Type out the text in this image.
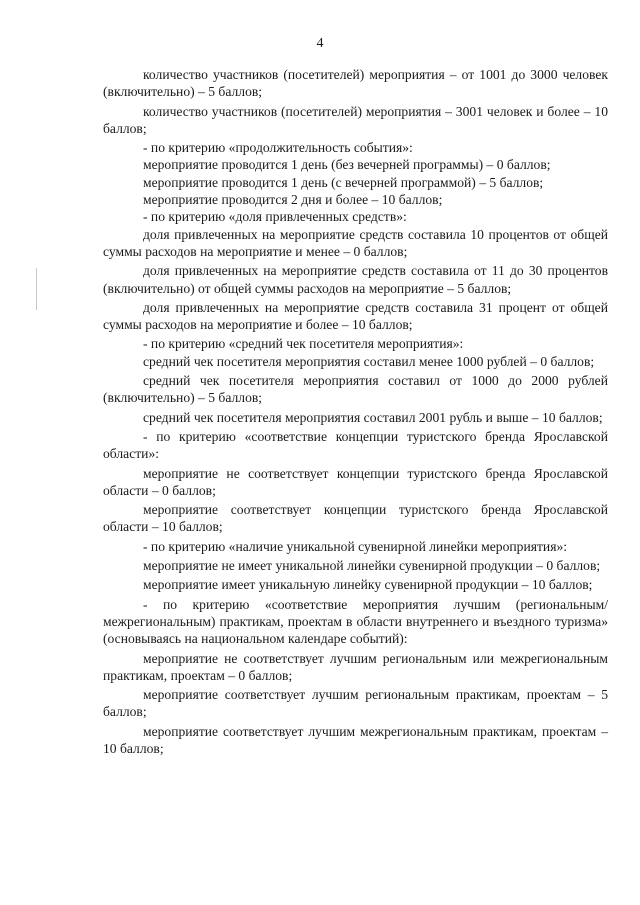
4

количество участников (посетителей) мероприятия – от 1001 до 3000 человек (включительно) – 5 баллов;

количество участников (посетителей) мероприятия – 3001 человек и более – 10 баллов;

- по критерию «продолжительность события»:

мероприятие проводится 1 день (без вечерней программы) – 0 баллов;

мероприятие проводится 1 день (с вечерней программой) – 5 баллов;

мероприятие проводится 2 дня и более – 10 баллов;

- по критерию «доля привлеченных средств»:

доля привлеченных на мероприятие средств составила 10 процентов от общей суммы расходов на мероприятие и менее – 0 баллов;

доля привлеченных на мероприятие средств составила от 11 до 30 процентов (включительно) от общей суммы расходов на мероприятие – 5 баллов;

доля привлеченных на мероприятие средств составила 31 процент от общей суммы расходов на мероприятие и более – 10 баллов;

- по критерию «средний чек посетителя мероприятия»:

средний чек посетителя мероприятия составил менее 1000 рублей – 0 баллов;

средний чек посетителя мероприятия составил от 1000 до 2000 рублей (включительно) – 5 баллов;

средний чек посетителя мероприятия составил 2001 рубль и выше – 10 баллов;

- по критерию «соответствие концепции туристского бренда Ярославской области»:

мероприятие не соответствует концепции туристского бренда Ярославской области – 0 баллов;

мероприятие соответствует концепции туристского бренда Ярославской области – 10 баллов;

- по критерию «наличие уникальной сувенирной линейки мероприятия»:

мероприятие не имеет уникальной линейки сувенирной продукции – 0 баллов;

мероприятие имеет уникальную линейку сувенирной продукции – 10 баллов;

- по критерию «соответствие мероприятия лучшим (региональным/межрегиональным) практикам, проектам в области внутреннего и въездного туризма» (основываясь на национальном календаре событий):

мероприятие не соответствует лучшим региональным или межрегиональным практикам, проектам – 0 баллов;

мероприятие соответствует лучшим региональным практикам, проектам – 5 баллов;

мероприятие соответствует лучшим межрегиональным практикам, проектам – 10 баллов;
